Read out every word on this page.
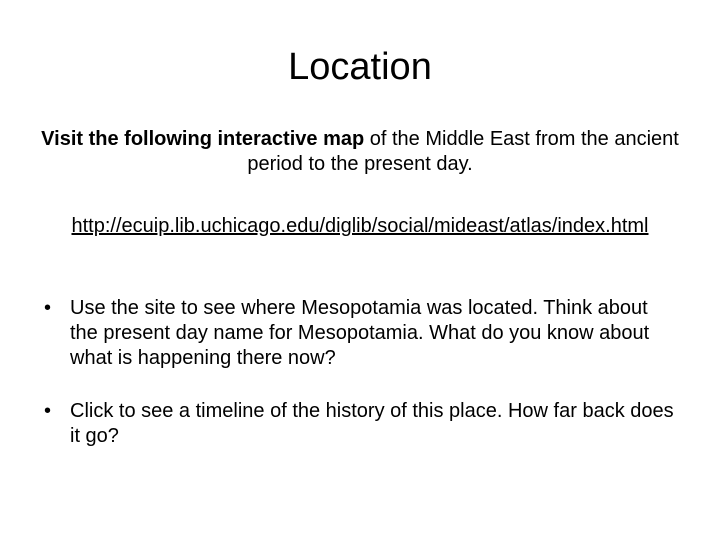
Location
Visit the following interactive map of the Middle East from the ancient period to the present day.
http://ecuip.lib.uchicago.edu/diglib/social/mideast/atlas/index.html
• Use the site to see where Mesopotamia was located. Think about the present day name for Mesopotamia. What do you know about what is happening there now?
• Click to see a timeline of the history of this place. How far back does it go?
